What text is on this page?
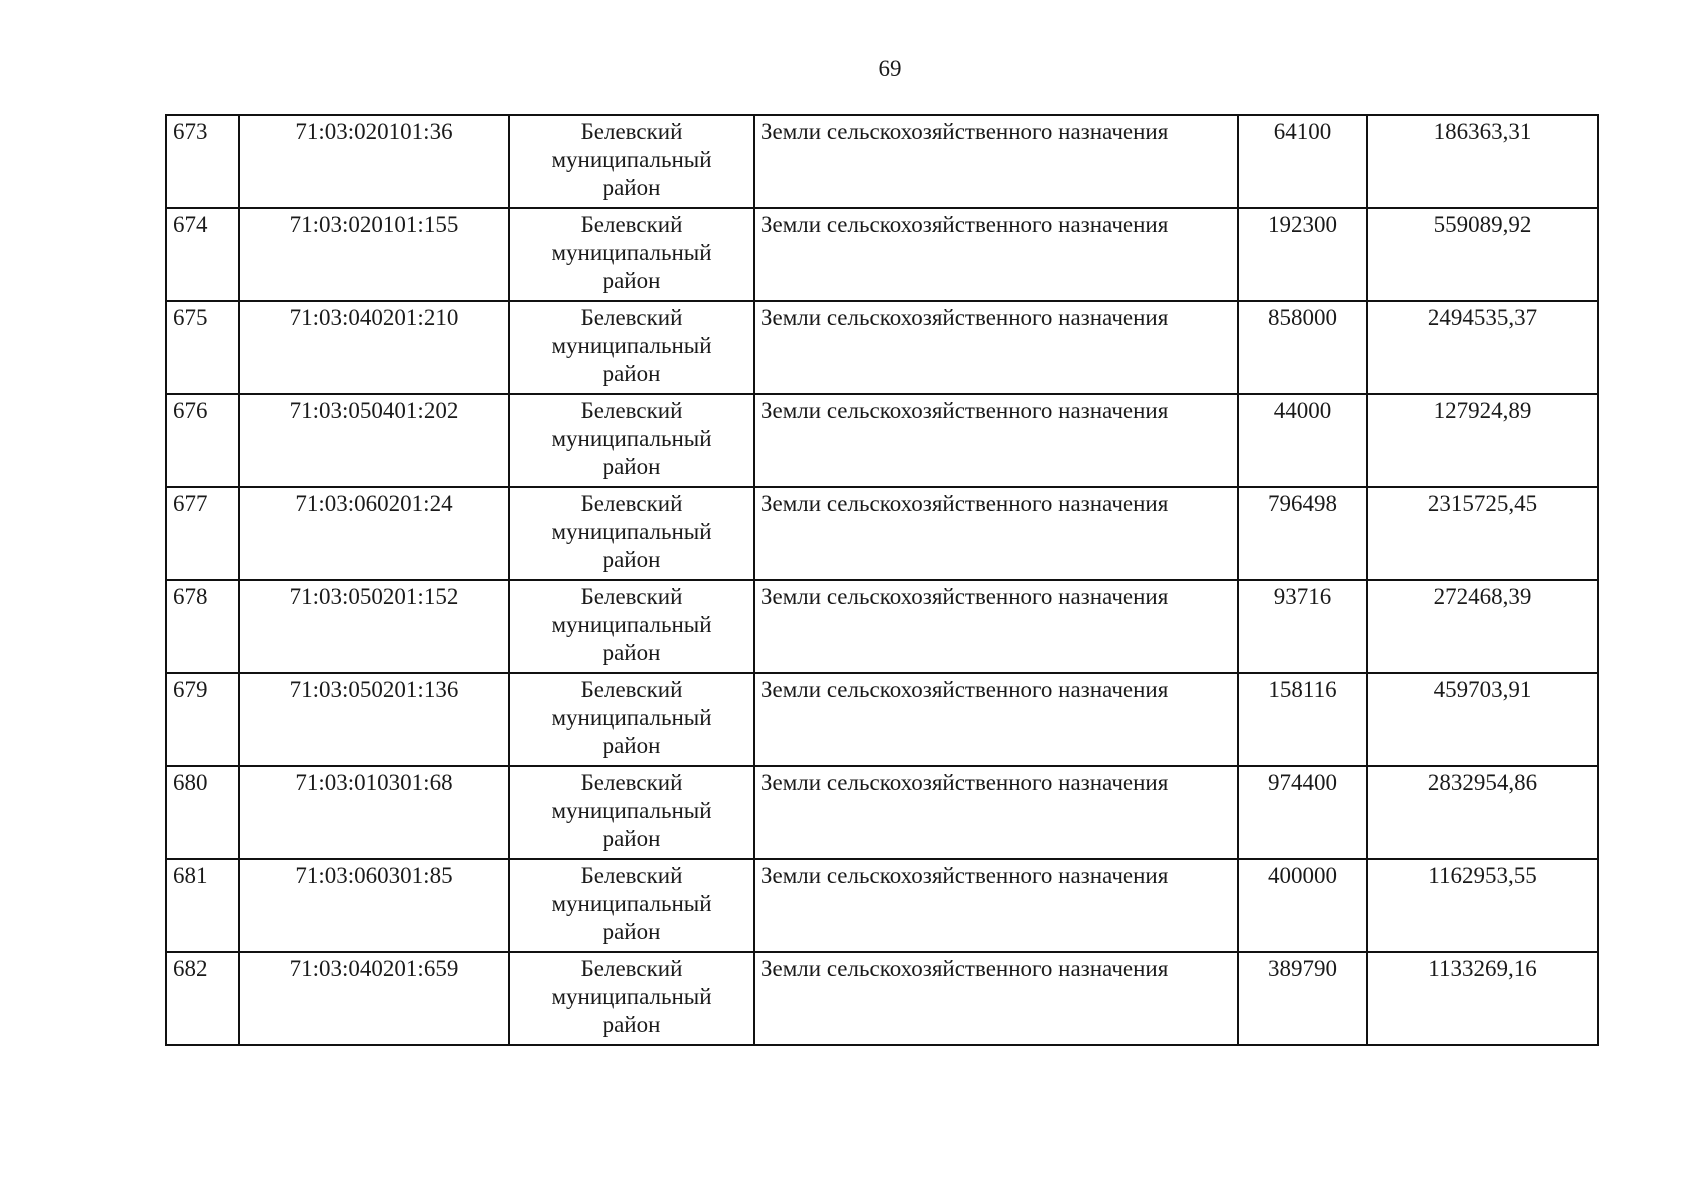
69
673	71:03:020101:36	Белевский
муниципальный
район	Земли сельскохозяйственного назначения	64100	186363,31
674	71:03:020101:155	Белевский
муниципальный
район	Земли сельскохозяйственного назначения	192300	559089,92
675	71:03:040201:210	Белевский
муниципальный
район	Земли сельскохозяйственного назначения	858000	2494535,37
676	71:03:050401:202	Белевский
муниципальный
район	Земли сельскохозяйственного назначения	44000	127924,89
677	71:03:060201:24	Белевский
муниципальный
район	Земли сельскохозяйственного назначения	796498	2315725,45
678	71:03:050201:152	Белевский
муниципальный
район	Земли сельскохозяйственного назначения	93716	272468,39
679	71:03:050201:136	Белевский
муниципальный
район	Земли сельскохозяйственного назначения	158116	459703,91
680	71:03:010301:68	Белевский
муниципальный
район	Земли сельскохозяйственного назначения	974400	2832954,86
681	71:03:060301:85	Белевский
муниципальный
район	Земли сельскохозяйственного назначения	400000	1162953,55
682	71:03:040201:659	Белевский
муниципальный
район	Земли сельскохозяйственного назначения	389790	1133269,16
